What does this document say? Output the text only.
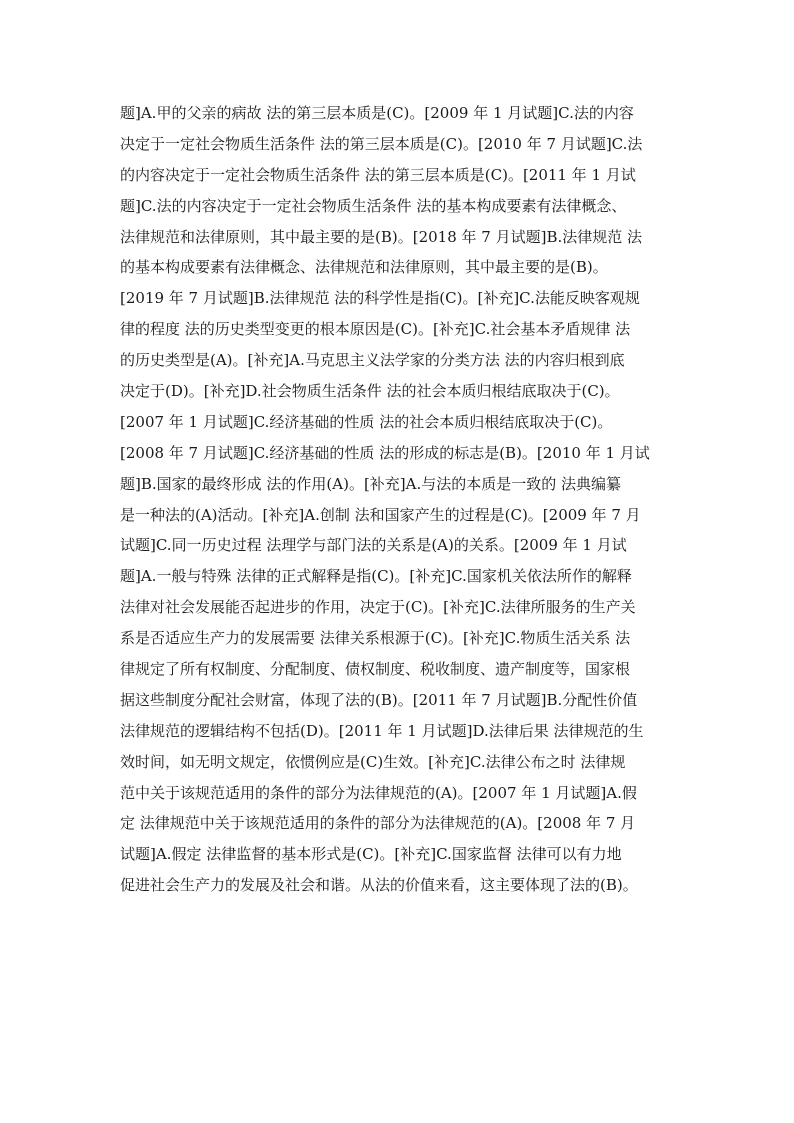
题]A.甲的父亲的病故 法的第三层本质是(C)。[2009 年 1 月试题]C.法的内容
决定于一定社会物质生活条件 法的第三层本质是(C)。[2010 年 7 月试题]C.法
的内容决定于一定社会物质生活条件 法的第三层本质是(C)。[2011 年 1 月试
题]C.法的内容决定于一定社会物质生活条件 法的基本构成要素有法律概念、
法律规范和法律原则，其中最主要的是(B)。[2018 年 7 月试题]B.法律规范 法
的基本构成要素有法律概念、法律规范和法律原则，其中最主要的是(B)。
[2019 年 7 月试题]B.法律规范 法的科学性是指(C)。[补充]C.法能反映客观规
律的程度 法的历史类型变更的根本原因是(C)。[补充]C.社会基本矛盾规律 法
的历史类型是(A)。[补充]A.马克思主义法学家的分类方法 法的内容归根到底
决定于(D)。[补充]D.社会物质生活条件 法的社会本质归根结底取决于(C)。
[2007 年 1 月试题]C.经济基础的性质 法的社会本质归根结底取决于(C)。
[2008 年 7 月试题]C.经济基础的性质 法的形成的标志是(B)。[2010 年 1 月试
题]B.国家的最终形成 法的作用(A)。[补充]A.与法的本质是一致的 法典编纂
是一种法的(A)活动。[补充]A.创制 法和国家产生的过程是(C)。[2009 年 7 月
试题]C.同一历史过程 法理学与部门法的关系是(A)的关系。[2009 年 1 月试
题]A.一般与特殊 法律的正式解释是指(C)。[补充]C.国家机关依法所作的解释
法律对社会发展能否起进步的作用，决定于(C)。[补充]C.法律所服务的生产关
系是否适应生产力的发展需要 法律关系根源于(C)。[补充]C.物质生活关系 法
律规定了所有权制度、分配制度、债权制度、税收制度、遗产制度等，国家根
据这些制度分配社会财富，体现了法的(B)。[2011 年 7 月试题]B.分配性价值
法律规范的逻辑结构不包括(D)。[2011 年 1 月试题]D.法律后果 法律规范的生
效时间，如无明文规定，依惯例应是(C)生效。[补充]C.法律公布之时 法律规
范中关于该规范适用的条件的部分为法律规范的(A)。[2007 年 1 月试题]A.假
定 法律规范中关于该规范适用的条件的部分为法律规范的(A)。[2008 年 7 月
试题]A.假定 法律监督的基本形式是(C)。[补充]C.国家监督 法律可以有力地
促进社会生产力的发展及社会和谐。从法的价值来看，这主要体现了法的(B)。
